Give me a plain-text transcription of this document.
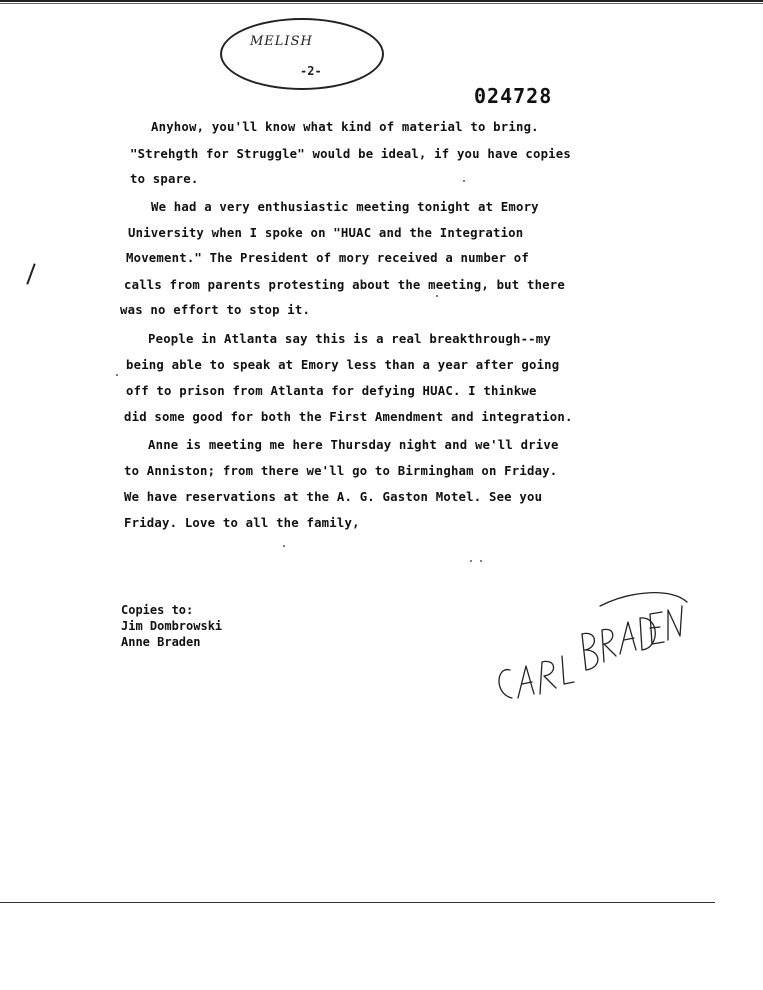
MELISH
-2-
024728
Anyhow, you'll know what kind of material to bring.
"Strehgth for Struggle" would be ideal, if you have copies
to spare.
We had a very enthusiastic meeting tonight at Emory
University when I spoke on "HUAC and the Integration
Movement." The President of mory received a number of
calls from parents protesting about the meeting, but there
was no effort to stop it.
People in Atlanta say this is a real breakthrough--my
being able to speak at Emory less than a year after going
off to prison from Atlanta for defying HUAC. I thinkwe
did some good for both the First Amendment and integration.
Anne is meeting me here Thursday night and we'll drive
to Anniston; from there we'll go to Birmingham on Friday.
We have reservations at the A. G. Gaston Motel. See you
Friday. Love to all the family,
Copies to:
Jim Dombrowski
Anne Braden
CARL BRADEN
